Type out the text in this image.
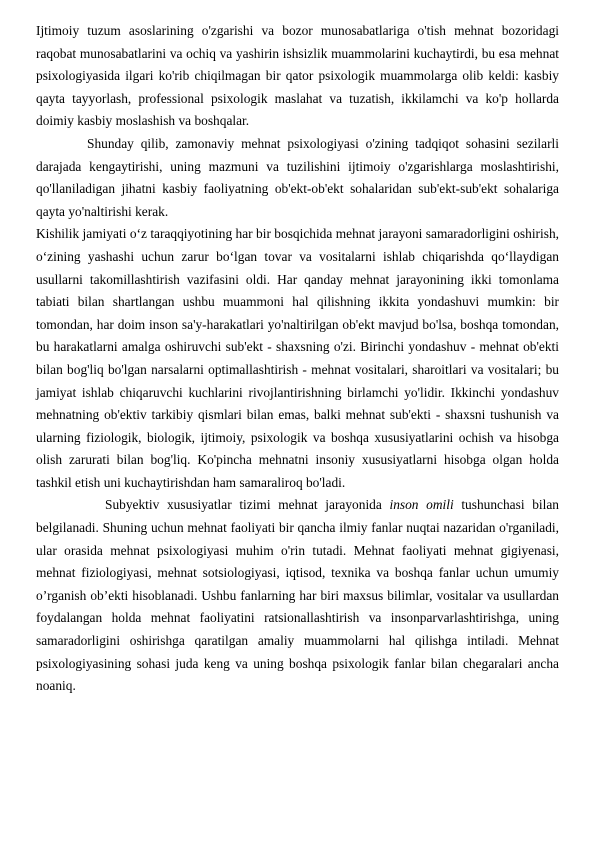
Ijtimoiy tuzum asoslarining o'zgarishi va bozor munosabatlariga o'tish mehnat bozoridagi raqobat munosabatlarini va ochiq va yashirin ishsizlik muammolarini kuchaytirdi, bu esa mehnat psixologiyasida ilgari ko'rib chiqilmagan bir qator psixologik muammolarga olib keldi: kasbiy qayta tayyorlash, professional psixologik maslahat va tuzatish, ikkilamchi va ko'p hollarda doimiy kasbiy moslashish va boshqalar.

Shunday qilib, zamonaviy mehnat psixologiyasi o'zining tadqiqot sohasini sezilarli darajada kengaytirishi, uning mazmuni va tuzilishini ijtimoiy o'zgarishlarga moslashtirishi, qo'llaniladigan jihatni kasbiy faoliyatning ob'ekt-ob'ekt sohalaridan sub'ekt-sub'ekt sohalariga qayta yo'naltirishi kerak.

Kishilik jamiyati o‘z taraqqiyotining har bir bosqichida mehnat jarayoni samaradorligini oshirish, o‘zining yashashi uchun zarur bo‘lgan tovar va vositalarni ishlab chiqarishda qo‘llaydigan usullarni takomillashtirish vazifasini oldi. Har qanday mehnat jarayonining ikki tomonlama tabiati bilan shartlangan ushbu muammoni hal qilishning ikkita yondashuvi mumkin: bir tomondan, har doim inson sa'y-harakatlari yo'naltirilgan ob'ekt mavjud bo'lsa, boshqa tomondan, bu harakatlarni amalga oshiruvchi sub'ekt - shaxsning o'zi. Birinchi yondashuv - mehnat ob'ekti bilan bog'liq bo'lgan narsalarni optimallashtirish - mehnat vositalari, sharoitlari va vositalari; bu jamiyat ishlab chiqaruvchi kuchlarini rivojlantirishning birlamchi yo'lidir. Ikkinchi yondashuv mehnatning ob'ektiv tarkibiy qismlari bilan emas, balki mehnat sub'ekti - shaxsni tushunish va ularning fiziologik, biologik, ijtimoiy, psixologik va boshqa xususiyatlarini ochish va hisobga olish zarurati bilan bog'liq. Ko'pincha mehnatni insoniy xususiyatlarni hisobga olgan holda tashkil etish uni kuchaytirishdan ham samaraliroq bo'ladi.

Subyektiv xususiyatlar tizimi mehnat jarayonida inson omili tushunchasi bilan belgilanadi. Shuning uchun mehnat faoliyati bir qancha ilmiy fanlar nuqtai nazaridan o'rganiladi, ular orasida mehnat psixologiyasi muhim o'rin tutadi. Mehnat faoliyati mehnat gigiyenasi, mehnat fiziologiyasi, mehnat sotsiologiyasi, iqtisod, texnika va boshqa fanlar uchun umumiy o’rganish ob’ekti hisoblanadi. Ushbu fanlarning har biri maxsus bilimlar, vositalar va usullardan foydalangan holda mehnat faoliyatini ratsionallashtirish va insonparvarlashtirishga, uning samaradorligini oshirishga qaratilgan amaliy muammolarni hal qilishga intiladi. Mehnat psixologiyasining sohasi juda keng va uning boshqa psixologik fanlar bilan chegaralari ancha noaniq.
